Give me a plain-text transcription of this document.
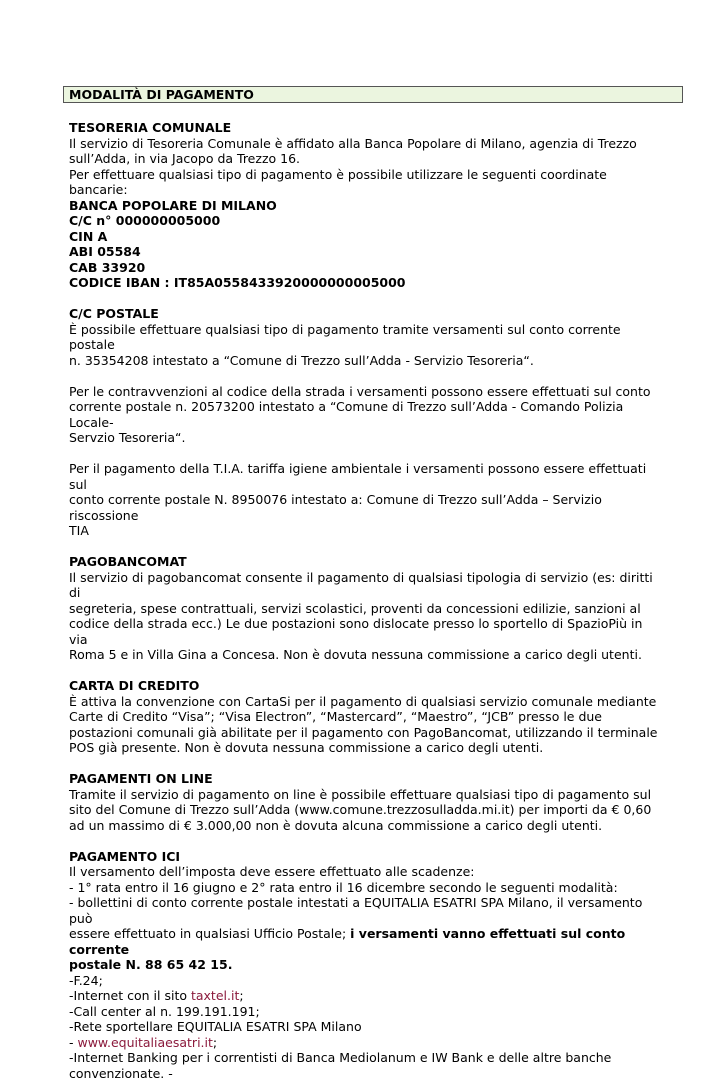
MODALITÀ DI PAGAMENTO

TESORERIA COMUNALE

Il servizio di Tesoreria Comunale è affidato alla Banca Popolare di Milano, agenzia di Trezzo

sull’Adda, in via Jacopo da Trezzo 16.

Per effettuare qualsiasi tipo di pagamento è possibile utilizzare le seguenti coordinate bancarie:

BANCA POPOLARE DI MILANO

C/C n° 000000005000

CIN A

ABI 05584

CAB 33920

CODICE IBAN : IT85A0558433920000000005000

C/C POSTALE

È possibile effettuare qualsiasi tipo di pagamento tramite versamenti sul conto corrente postale

n. 35354208 intestato a “Comune di Trezzo sull’Adda - Servizio Tesoreria“.

Per le contravvenzioni al codice della strada i versamenti possono essere effettuati sul conto

corrente postale n. 20573200 intestato a “Comune di Trezzo sull’Adda - Comando Polizia Locale-

Servzio Tesoreria“.

Per il pagamento della T.I.A. tariffa igiene ambientale i versamenti possono essere effettuati sul

conto corrente postale N. 8950076 intestato a: Comune di Trezzo sull’Adda – Servizio riscossione

TIA

PAGOBANCOMAT

Il servizio di pagobancomat consente il pagamento di qualsiasi tipologia di servizio (es: diritti di

segreteria, spese contrattuali, servizi scolastici, proventi da concessioni edilizie, sanzioni al

codice della strada ecc.) Le due postazioni sono dislocate presso lo sportello di SpazioPiù in via

Roma 5 e in Villa Gina a Concesa. Non è dovuta nessuna commissione a carico degli utenti.

CARTA DI CREDITO

È attiva la convenzione con CartaSi per il pagamento di qualsiasi servizio comunale mediante

Carte di Credito “Visa”; “Visa Electron”, “Mastercard”, “Maestro”, “JCB” presso le due

postazioni comunali già abilitate per il pagamento con PagoBancomat, utilizzando il terminale

POS già presente. Non è dovuta nessuna commissione a carico degli utenti.

PAGAMENTI ON LINE

Tramite il servizio di pagamento on line è possibile effettuare qualsiasi tipo di pagamento sul

sito del Comune di Trezzo sull’Adda (www.comune.trezzosulladda.mi.it) per importi da € 0,60

ad un massimo di € 3.000,00 non è dovuta alcuna commissione a carico degli utenti.

PAGAMENTO ICI

Il versamento dell’imposta deve essere effettuato alle scadenze:

- 1° rata entro il 16 giugno e 2° rata entro il 16 dicembre secondo le seguenti modalità:

- bollettini di conto corrente postale intestati a EQUITALIA ESATRI SPA Milano, il versamento può

essere effettuato in qualsiasi Ufficio Postale; i versamenti vanno effettuati sul conto corrente

postale N. 88 65 42 15.

-F.24;

-Internet con il sito taxtel.it;

-Call center al n. 199.191.191;

-Rete sportellare EQUITALIA ESATRI SPA Milano

- www.equitaliaesatri.it;

-Internet Banking per i correntisti di Banca Mediolanum e IW Bank e delle altre banche

convenzionate. -
